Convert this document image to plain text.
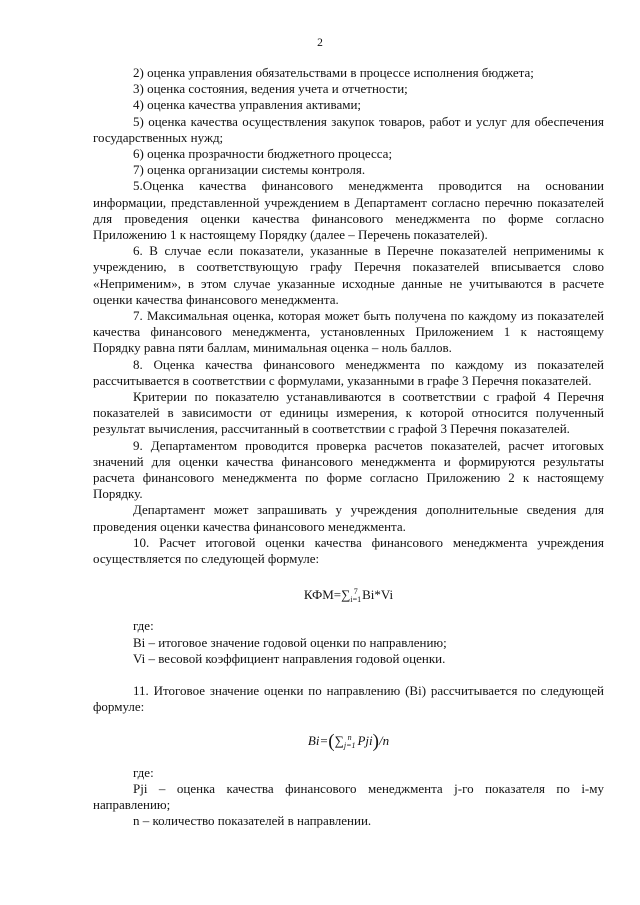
2

2) оценка управления обязательствами в процессе исполнения бюджета;

3) оценка состояния, ведения учета и отчетности;

4) оценка качества управления активами;

5) оценка качества осуществления закупок товаров, работ и услуг для обеспечения государственных нужд;

6) оценка прозрачности бюджетного процесса;

7) оценка организации системы контроля.

5.Оценка качества финансового менеджмента проводится на основании информации, представленной учреждением в Департамент согласно перечню показателей для проведения оценки качества финансового менеджмента по форме согласно Приложению 1 к настоящему Порядку (далее – Перечень показателей).

6. В случае если показатели, указанные в Перечне показателей неприменимы к учреждению, в соответствующую графу Перечня показателей вписывается слово «Неприменим», в этом случае указанные исходные данные не учитываются в расчете оценки качества финансового менеджмента.

7. Максимальная оценка, которая может быть получена по каждому из показателей качества финансового менеджмента, установленных Приложением 1 к настоящему Порядку равна пяти баллам, минимальная оценка – ноль баллов.

8. Оценка качества финансового менеджмента по каждому из показателей рассчитывается в соответствии с формулами, указанными в графе 3 Перечня показателей.

Критерии по показателю устанавливаются в соответствии с графой 4 Перечня показателей в зависимости от единицы измерения, к которой относится полученный результат вычисления, рассчитанный в соответствии с графой 3 Перечня показателей.

9. Департаментом проводится проверка расчетов показателей, расчет итоговых значений для оценки качества финансового менеджмента и формируются результаты расчета финансового менеджмента по форме согласно Приложению 2 к настоящему Порядку.

Департамент может запрашивать у учреждения дополнительные сведения для проведения оценки качества финансового менеджмента.

10. Расчет итоговой оценки качества финансового менеджмента учреждения осуществляется по следующей формуле:

КФМ=∑ 7
i=1 Bi*Vi

где:

Bi – итоговое значение годовой оценки по направлению;

Vi – весовой коэффициент направления годовой оценки.

11. Итоговое значение оценки по направлению (Bi) рассчитывается по следующей формуле:

Bi=(∑ n
j=1 Pji)/n

где:

Pji – оценка качества финансового менеджмента j-го показателя по i-му направлению;

n – количество показателей в направлении.
